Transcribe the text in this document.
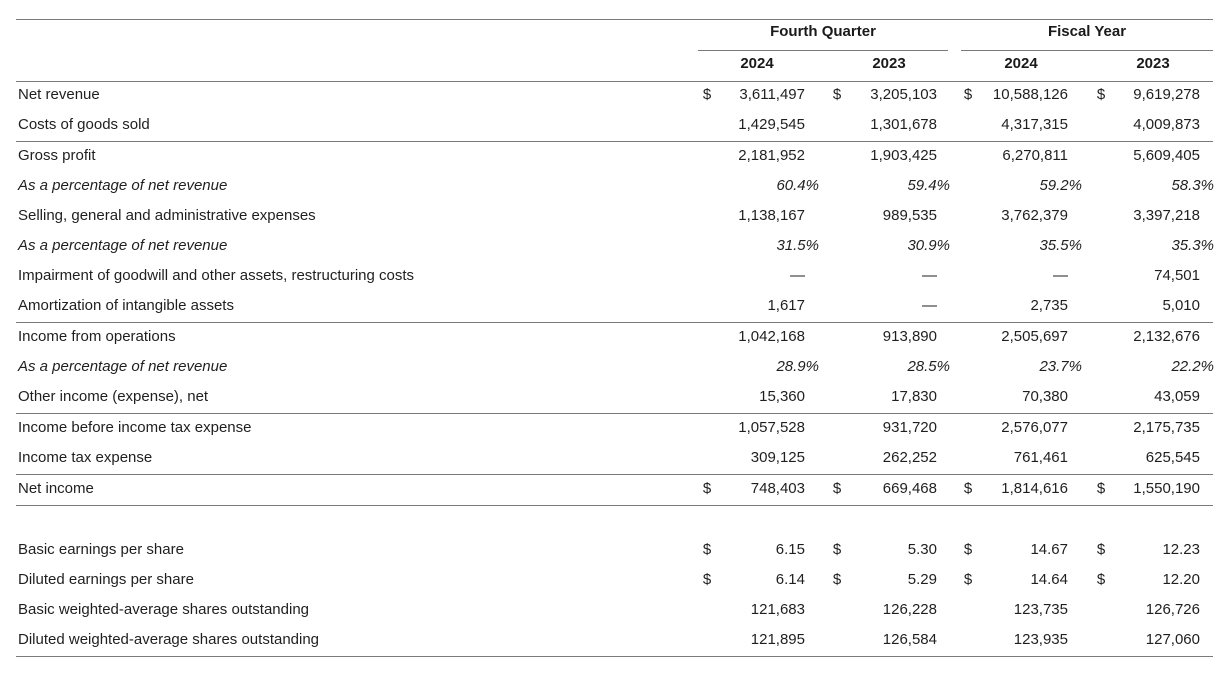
Fourth Quarter	Fiscal Year
2024	2023	2024	2023
Net revenue	$	3,611,497 $	3,205,103 $	10,588,126 $	9,619,278
Costs of goods sold	1,429,545	1,301,678	4,317,315	4,009,873
Gross profit	2,181,952	1,903,425	6,270,811	5,609,405
As a percentage of net revenue	60.4%	59.4%	59.2%	58.3%
Selling, general and administrative expenses	1,138,167	989,535	3,762,379	3,397,218
As a percentage of net revenue	31.5%	30.9%	35.5%	35.3%
Impairment of goodwill and other assets, restructuring costs	—	—	—	74,501
Amortization of intangible assets	1,617	—	2,735	5,010
Income from operations	1,042,168	913,890	2,505,697	2,132,676
As a percentage of net revenue	28.9%	28.5%	23.7%	22.2%
Other income (expense), net	15,360	17,830	70,380	43,059
Income before income tax expense	1,057,528	931,720	2,576,077	2,175,735
Income tax expense	309,125	262,252	761,461	625,545
Net income	$	748,403 $	669,468 $	1,814,616 $	1,550,190
Basic earnings per share	$	6.15 $	5.30 $	14.67 $	12.23
Diluted earnings per share	$	6.14 $	5.29 $	14.64 $	12.20
Basic weighted-average shares outstanding	121,683	126,228	123,735	126,726
Diluted weighted-average shares outstanding	121,895	126,584	123,935	127,060
